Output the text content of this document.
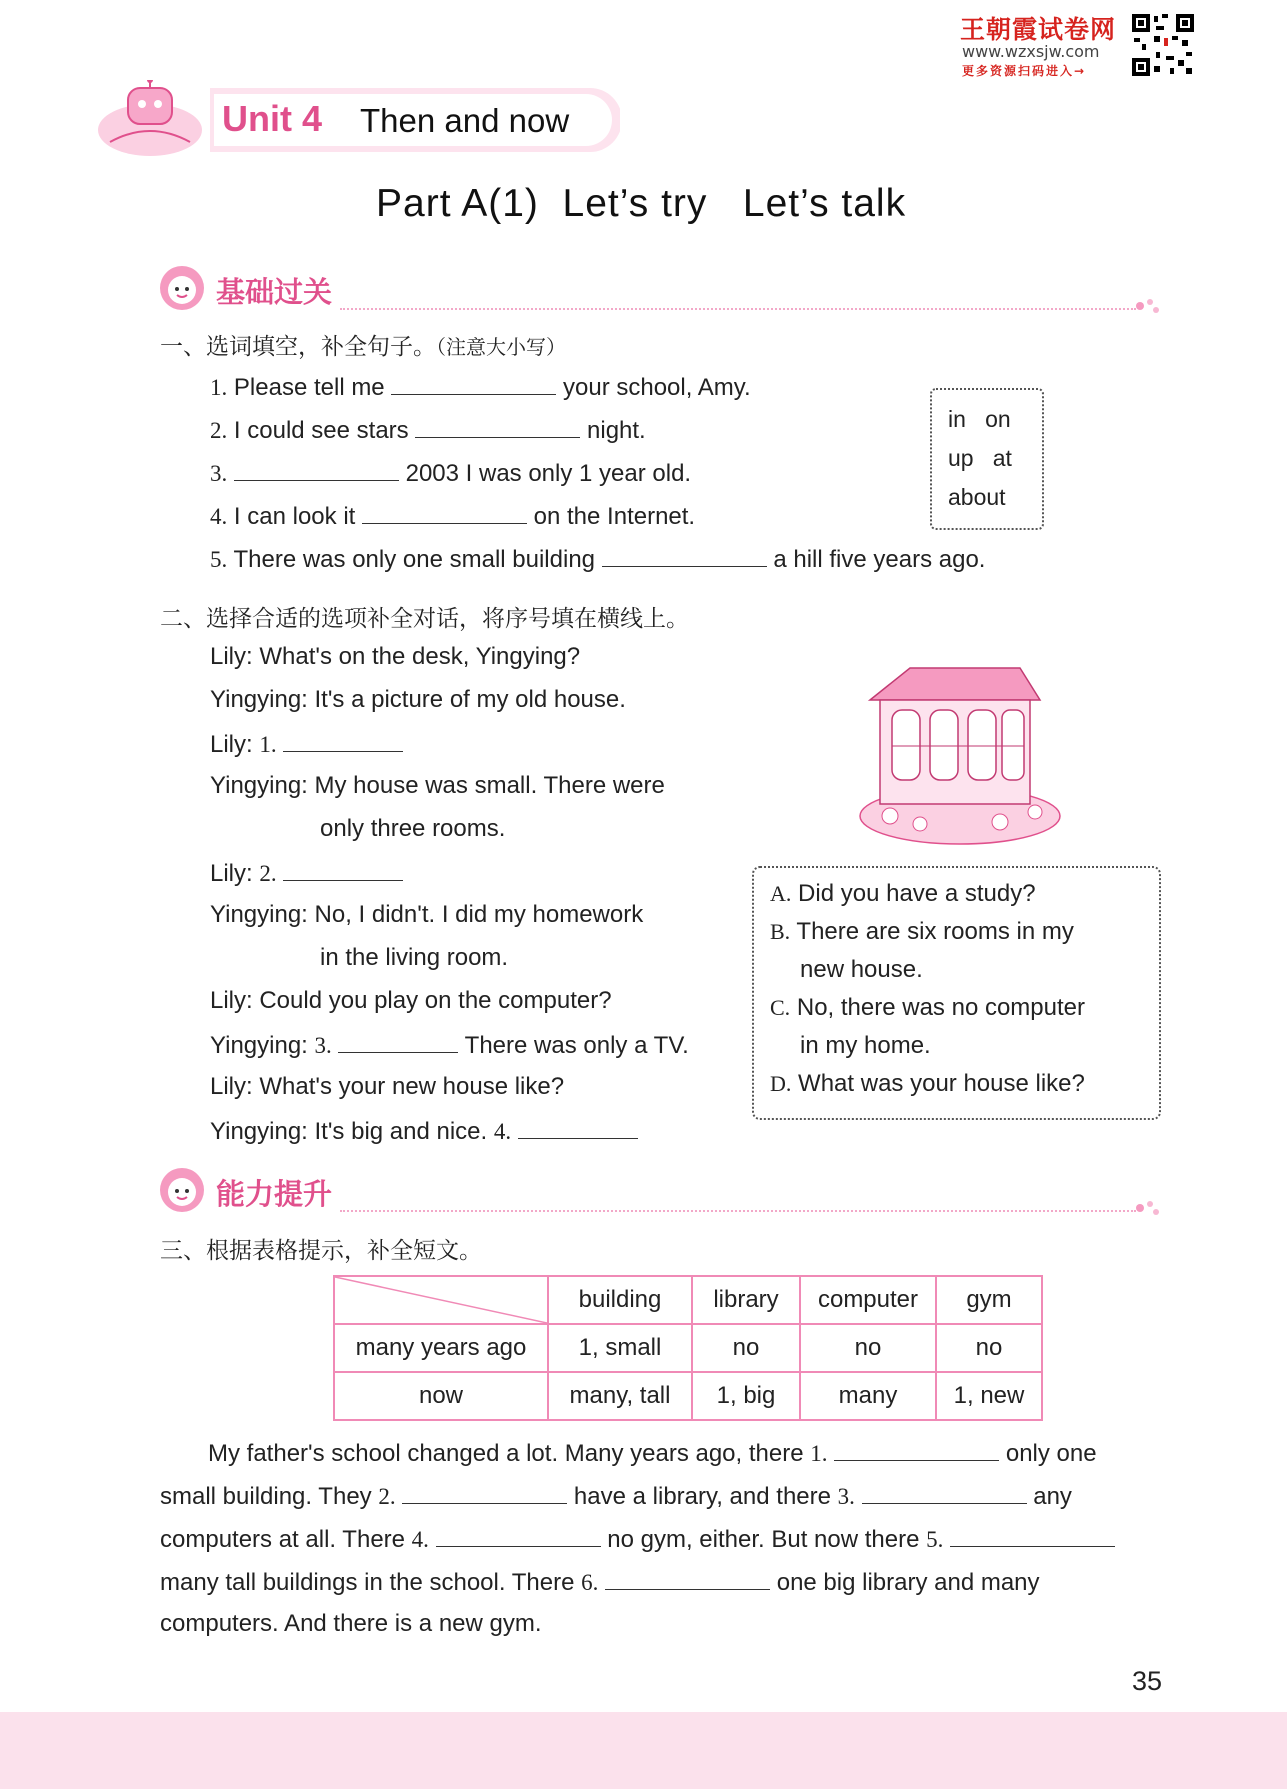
王朝霞试卷网
www.wzxsjw.com
更多资源扫码进入→
Unit 4 Then and now
Part A(1)  Let’s try   Let’s talk
基础过关
一、选词填空，补全句子。（注意大小写）
1. Please tell me	your school, Amy.
2. I could see stars	night.
3.	2003 I was only 1 year old.
4. I can look it	on the Internet.
5. There was only one small building	a hill five years ago.
in   on
up   at
about
二、选择合适的选项补全对话，将序号填在横线上。
Lily: What's on the desk, Yingying?
Yingying: It's a picture of my old house.
Lily: 1.
Yingying: My house was small. There were
only three rooms.
Lily: 2.
Yingying: No, I didn't. I did my homework
in the living room.
Lily: Could you play on the computer?
Yingying: 3.	There was only a TV.
Lily: What's your new house like?
Yingying: It's big and nice. 4.
A. Did you have a study?
B. There are six rooms in my
new house.
C. No, there was no computer
in my home.
D. What was your house like?
能力提升
三、根据表格提示，补全短文。
	building	library	computer	gym
many years ago	1, small	no	no	no
now	many, tall	1, big	many	1, new
My father's school changed a lot. Many years ago, there 1.	only one
small building. They 2.	have a library, and there 3.	any
computers at all. There 4.	no gym, either. But now there 5.
many tall buildings in the school. There 6.	one big library and many
computers. And there is a new gym.
35
